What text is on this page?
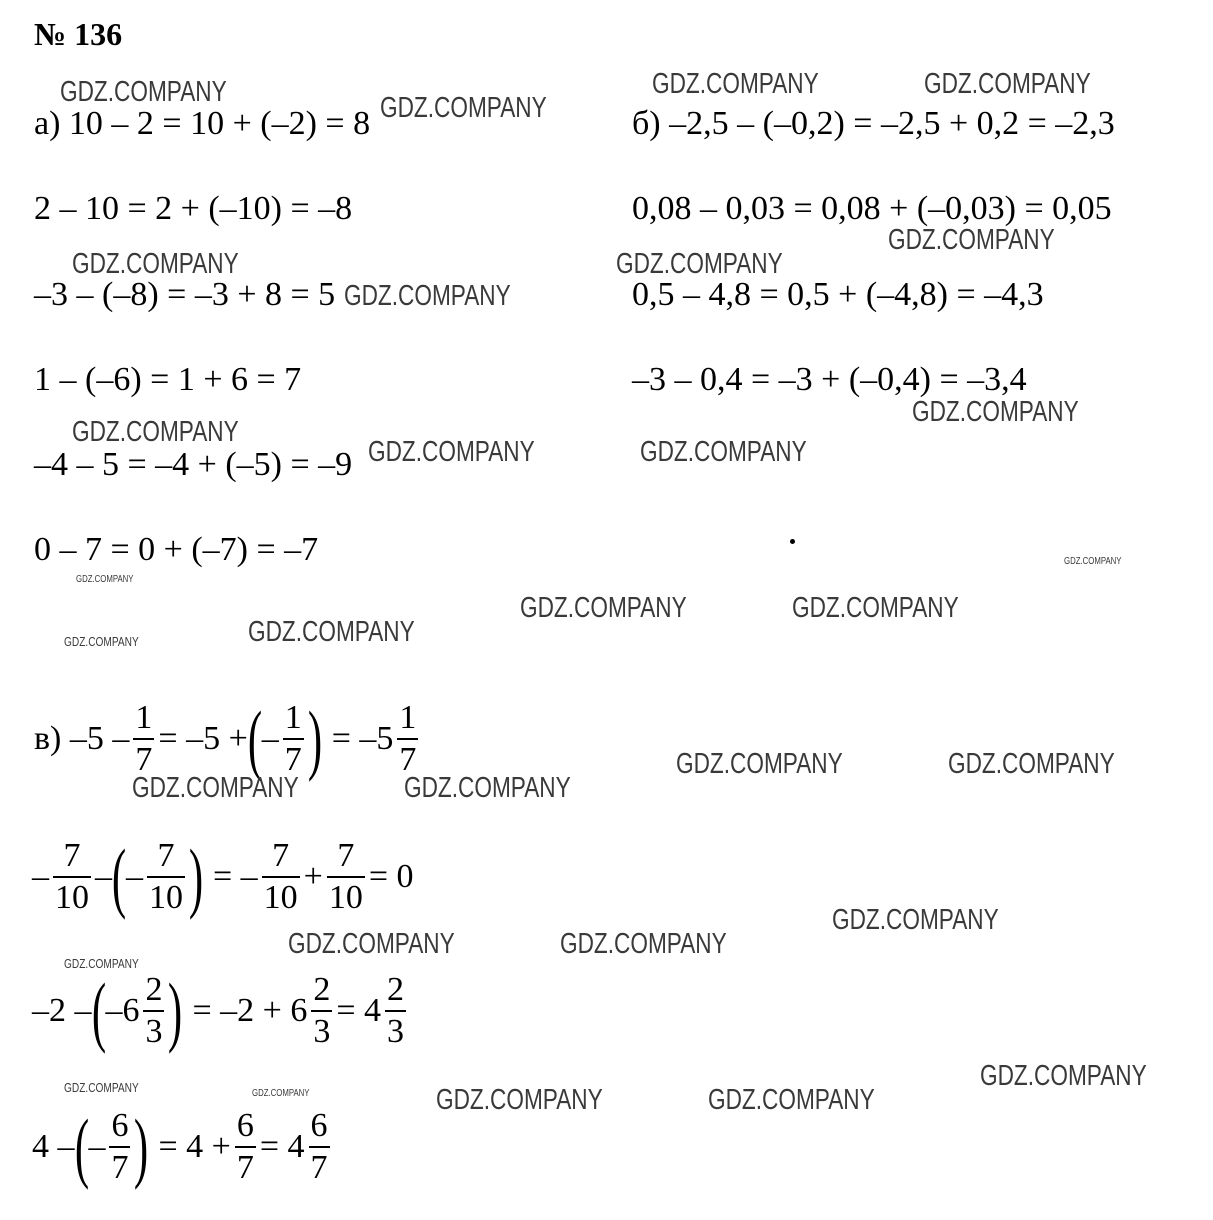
№ 136
а) 10 – 2 = 10 + (–2) = 8
2 – 10 = 2 + (–10) = –8
–3 – (–8) = –3 + 8 = 5
1 – (–6) = 1 + 6 = 7
–4 – 5 = –4 + (–5) = –9
0 – 7 = 0 + (–7) = –7
б) –2,5 – (–0,2) = –2,5 + 0,2 = –2,3
0,08 – 0,03 = 0,08 + (–0,03) = 0,05
0,5 – 4,8 = 0,5 + (–4,8) = –4,3
–3 – 0,4 = –3 + (–0,4) = –3,4
в) $-5 - \frac{1}{7} = -5$ + ( – $\frac{1}{7}$ ) = $-5 \frac{1}{7}$
– $\frac{7}{10}$ – ( – $\frac{7}{10}$ ) = – $\frac{7}{10} + \frac{7}{10} = 0$
–2 – ( $-6 \frac{2}{3}$ ) = $-2 + 6 \frac{2}{3} = 4 \frac{2}{3}$
4 – ( – $\frac{6}{7}$ ) = $4 + \frac{6}{7} = 4 \frac{6}{7}$
GDZ.COMPANY	GDZ.COMPANY
GDZ.COMPANY	GDZ.COMPANY
GDZ.COMPANY
GDZ.COMPANY	GDZ.COMPANY
GDZ.COMPANY
GDZ.COMPANY
GDZ.COMPANY
GDZ.COMPANY	GDZ.COMPANY
GDZ.COMPANY
GDZ.COMPANY
GDZ.COMPANY	GDZ.COMPANY
GDZ.COMPANY
GDZ.COMPANY
GDZ.COMPANY	GDZ.COMPANY
GDZ.COMPANY	GDZ.COMPANY
GDZ.COMPANY
GDZ.COMPANY	GDZ.COMPANY
GDZ.COMPANY
GDZ.COMPANY
GDZ.COMPANY	GDZ.COMPANY	GDZ.COMPANY	GDZ.COMPANY
